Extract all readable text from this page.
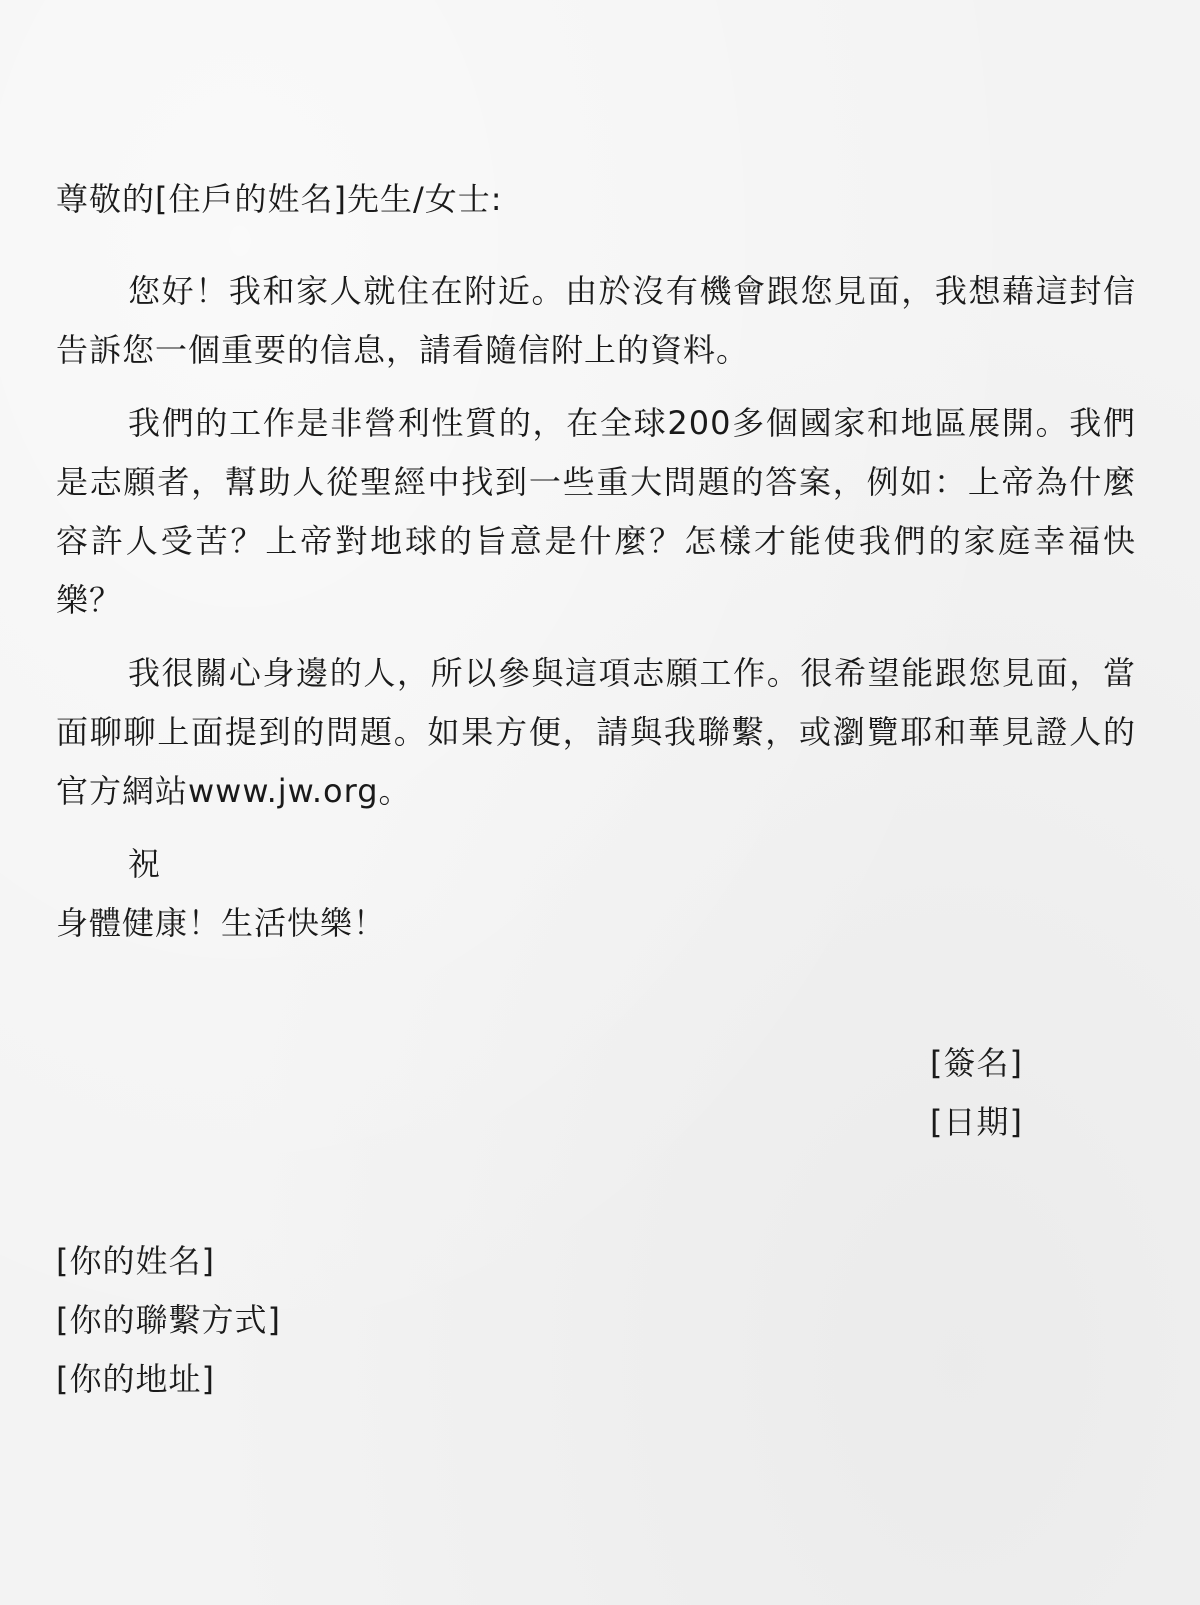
尊敬的[住戶的姓名]先生/女士:

您好！我和家人就住在附近。由於沒有機會跟您見面，我想藉這封信告訴您一個重要的信息，請看隨信附上的資料。

我們的工作是非營利性質的，在全球200多個國家和地區展開。我們是志願者，幫助人從聖經中找到一些重大問題的答案，例如：上帝為什麼容許人受苦？上帝對地球的旨意是什麼？怎樣才能使我們的家庭幸福快樂？

我很關心身邊的人，所以參與這項志願工作。很希望能跟您見面，當面聊聊上面提到的問題。如果方便，請與我聯繫，或瀏覽耶和華見證人的官方網站www.jw.org。

祝

身體健康！生活快樂！

[簽名]
[日期]
[你的姓名]
[你的聯繫方式]
[你的地址]
